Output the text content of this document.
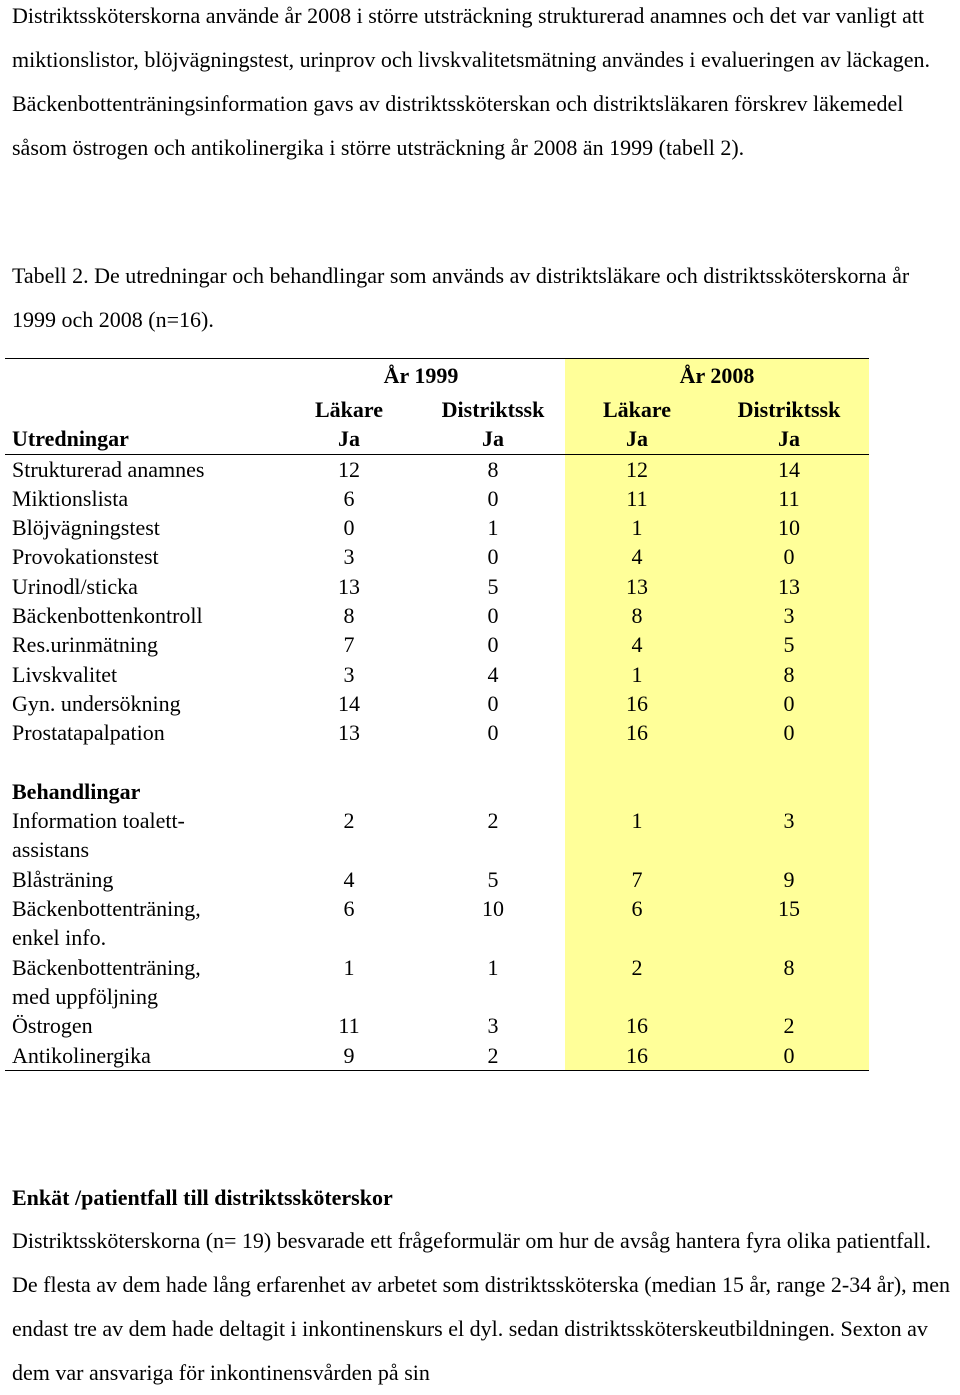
Distriktssköterskorna använde år 2008 i större utsträckning strukturerad anamnes och det var vanligt att miktionslistor, blöjvägningstest, urinprov och livskvalitetsmätning användes i evalueringen av läckagen. Bäckenbottenträningsinformation gavs av distriktssköterskan och distriktsläkaren förskrev läkemedel såsom östrogen och antikolinergika i större utsträckning år 2008 än 1999 (tabell 2).

Tabell 2. De utredningar och behandlingar som används av distriktsläkare och distriktssköterskorna år 1999 och 2008 (n=16).

	År 1999		År 2008	
	Läkare	Distriktssk	Läkare	Distriktssk
Utredningar	Ja	Ja	Ja	Ja
Strukturerad anamnes	12	8	12	14
Miktionslista	6	0	11	11
Blöjvägningstest	0	1	1	10
Provokationstest	3	0	4	0
Urinodl/sticka	13	5	13	13
Bäckenbottenkontroll	8	0	8	3
Res.urinmätning	7	0	4	5
Livskvalitet	3	4	1	8
Gyn. undersökning	14	0	16	0
Prostatapalpation	13	0	16	0

Behandlingar				
Information toalett-
assistans	2	2	1	3
Blåsträning	4	5	7	9
Bäckenbottenträning,
enkel info.	6	10	6	15
Bäckenbottenträning,
med uppföljning	1	1	2	8
Östrogen	11	3	16	2
Antikolinergika	9	2	16	0

Enkät /patientfall till distriktssköterskor

Distriktssköterskorna (n= 19) besvarade ett frågeformulär om hur de avsåg hantera fyra olika patientfall. De flesta av dem hade lång erfarenhet av arbetet som distriktssköterska (median 15 år, range 2-34 år), men endast tre av dem hade deltagit i inkontinenskurs el dyl. sedan distriktssköterskeutbildningen. Sexton av dem var ansvariga för inkontinensvården på sin
